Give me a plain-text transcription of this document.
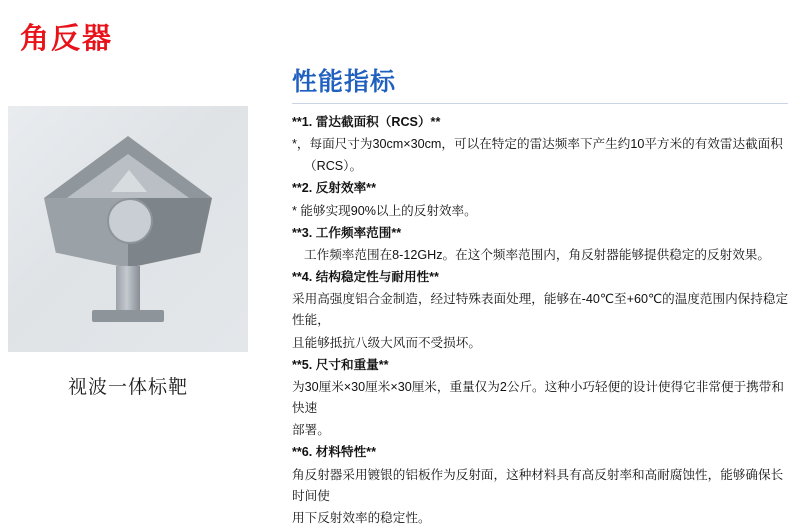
角反器
视波一体标靶
性能指标

**1. 雷达截面积（RCS）**

*，每面尺寸为30cm×30cm，可以在特定的雷达频率下产生约10平方米的有效雷达截面积

（RCS）。

**2. 反射效率**

* 能够实现90%以上的反射效率。

**3. 工作频率范围**

工作频率范围在8-12GHz。在这个频率范围内，角反射器能够提供稳定的反射效果。

**4. 结构稳定性与耐用性**

采用高强度铝合金制造，经过特殊表面处理，能够在-40℃至+60℃的温度范围内保持稳定性能，

且能够抵抗八级大风而不受损坏。

**5. 尺寸和重量**

为30厘米×30厘米×30厘米，重量仅为2公斤。这种小巧轻便的设计使得它非常便于携带和快速

部署。

**6. 材料特性**

角反射器采用镀银的铝板作为反射面，这种材料具有高反射率和高耐腐蚀性，能够确保长时间使

用下反射效率的稳定性。
